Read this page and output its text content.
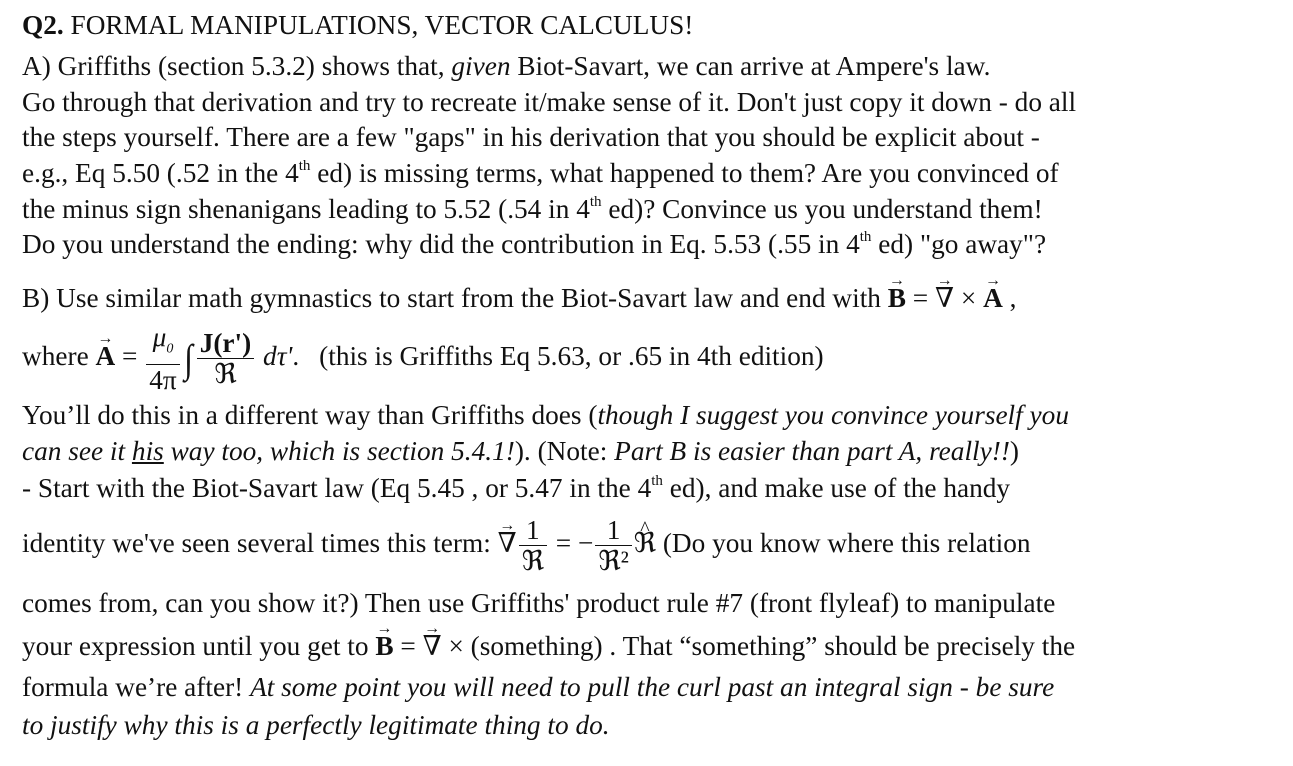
Q2. FORMAL MANIPULATIONS, VECTOR CALCULUS!
A) Griffiths (section 5.3.2) shows that, given Biot-Savart, we can arrive at Ampere's law.
Go through that derivation and try to recreate it/make sense of it. Don't just copy it down - do all
the steps yourself. There are a few "gaps" in his derivation that you should be explicit about -
e.g., Eq 5.50 (.52 in the 4th ed) is missing terms, what happened to them? Are you convinced of
the minus sign shenanigans leading to 5.52 (.54 in 4th ed)? Convince us you understand them!
Do you understand the ending: why did the contribution in Eq. 5.53 (.55 in 4th ed) "go away"?
B) Use similar math gymnastics to start from the Biot-Savart law and end with → B = → ∇ × → A ,
where → $A = \frac{\mu_0}{4\pi}$ ∫ $\frac{J(r')}{\text{ℜ}} d\tau'$. (this is Griffiths Eq 5.63, or .65 in 4th edition)
You’ll do this in a different way than Griffiths does (though I suggest you convince yourself you
can see it his way too, which is section 5.4.1!). (Note: Part B is easier than part A, really!!)
- Start with the Biot-Savart law (Eq 5.45 , or 5.47 in the 4th ed), and make use of the handy
identity we've seen several times this term: → ∇ $\frac{1}{\text{ℜ}}$ = − $\frac{1}{\text{ℜ²}}$
^ ℜ (Do you know where this relation
comes from, can you show it?) Then use Griffiths' product rule #7 (front flyleaf) to manipulate
your expression until you get to → B = → ∇ × (something) . That “something” should be precisely the
formula we’re after! At some point you will need to pull the curl past an integral sign - be sure
to justify why this is a perfectly legitimate thing to do.
